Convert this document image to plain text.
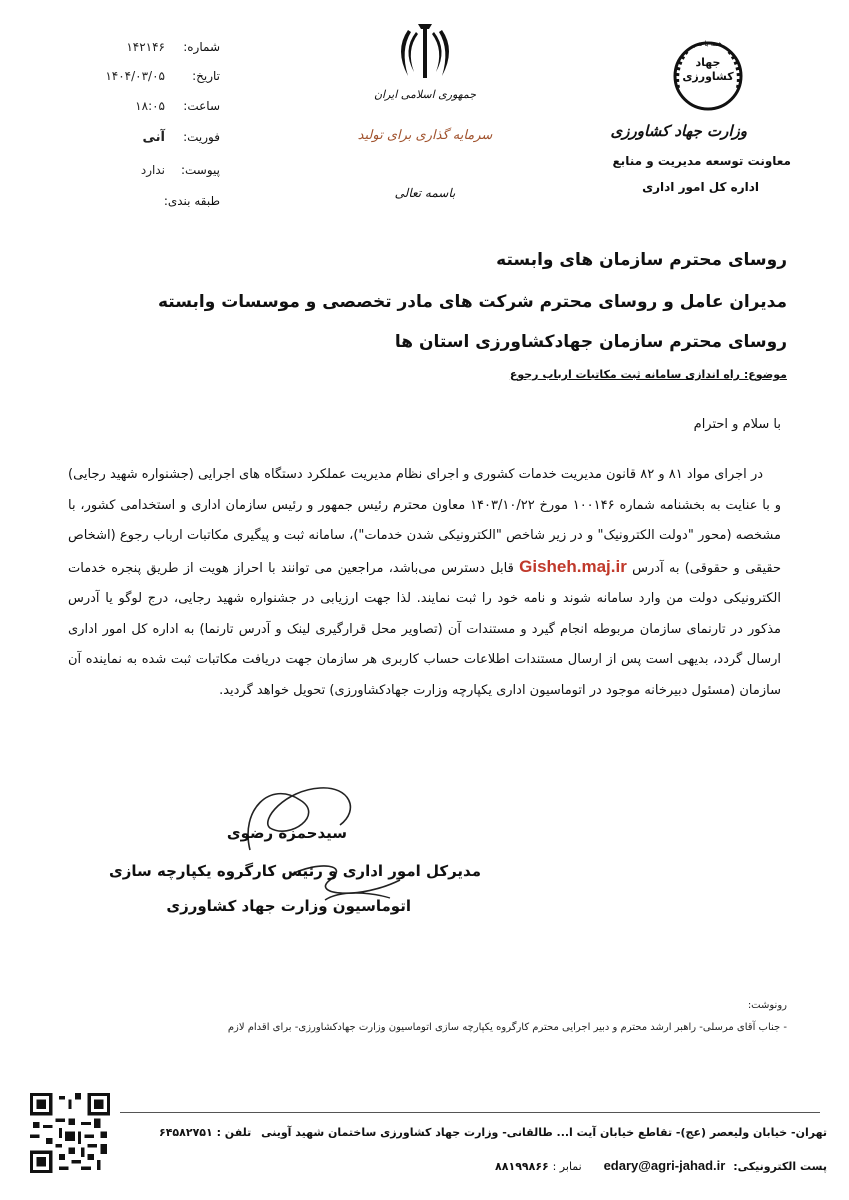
همه با هم
جهاد کشاورزی
وزارت جهاد کشاورزی
معاونت توسعه مدیریت و منابع
اداره کل امور اداری
جمهوری اسلامی ایران
سرمایه گذاری برای تولید
باسمه تعالی
شماره:
۱۴۲۱۴۶
تاریخ:
۱۴۰۴/۰۳/۰۵
ساعت:
۱۸:۰۵
فوریت:
آنی
پیوست:
ندارد
طبقه بندی:
روسای محترم سازمان های وابسته
مدیران عامل و روسای محترم شرکت های مادر تخصصی و موسسات وابسته
روسای محترم سازمان جهادکشاورزی استان ها
موضوع: راه اندازی سامانه ثبت مکاتبات ارباب رجوع
با سلام و احترام
در اجرای مواد ۸۱ و ۸۲ قانون مدیریت خدمات کشوری و اجرای نظام مدیریت عملکرد دستگاه های اجرایی (جشنواره شهید رجایی) و با عنایت به بخشنامه شماره ۱۰۰۱۴۶ مورخ ۱۴۰۳/۱۰/۲۲ معاون محترم رئیس جمهور و رئیس سازمان اداری و استخدامی کشور، با مشخصه (محور "دولت الکترونیک" و در زیر شاخص "الکترونیکی شدن خدمات")، سامانه ثبت و پیگیری مکاتبات ارباب رجوع (اشخاص حقیقی و حقوقی) به آدرس Gisheh.maj.ir قابل دسترس می‌باشد، مراجعین می توانند با احراز هویت از طریق پنجره خدمات الکترونیکی دولت من وارد سامانه شوند و نامه خود را ثبت نمایند. لذا جهت ارزیابی در جشنواره شهید رجایی، درج لوگو یا آدرس مذکور در تارنمای سازمان مربوطه انجام گیرد و مستندات آن (تصاویر محل قرارگیری لینک و آدرس تارنما) به اداره کل امور اداری ارسال گردد، بدیهی است پس از ارسال مستندات اطلاعات حساب کاربری هر سازمان جهت دریافت مکاتبات ثبت شده به نماینده آن سازمان (مسئول دبیرخانه موجود در اتوماسیون اداری یکپارچه وزارت جهادکشاورزی) تحویل خواهد گردید.
سیدحمزه رضوی
مدیرکل امور اداری و رئیس کارگروه یکپارچه سازی
اتوماسیون وزارت جهاد کشاورزی
رونوشت:
- جناب آقای مرسلی- راهبر ارشد محترم و دبیر اجرایی محترم کارگروه یکپارچه سازی اتوماسیون وزارت جهادکشاورزی- برای اقدام لازم
تهران- خیابان ولیعصر (عج)- تقاطع خیابان آیت ا... طالقانی- وزارت جهاد کشاورزی ساختمان شهید آوینی تلفن : ۶۴۵۸۲۷۵۱
پست الکترونیکی: edary@agri-jahad.ir نمابر : ۸۸۱۹۹۸۶۶
